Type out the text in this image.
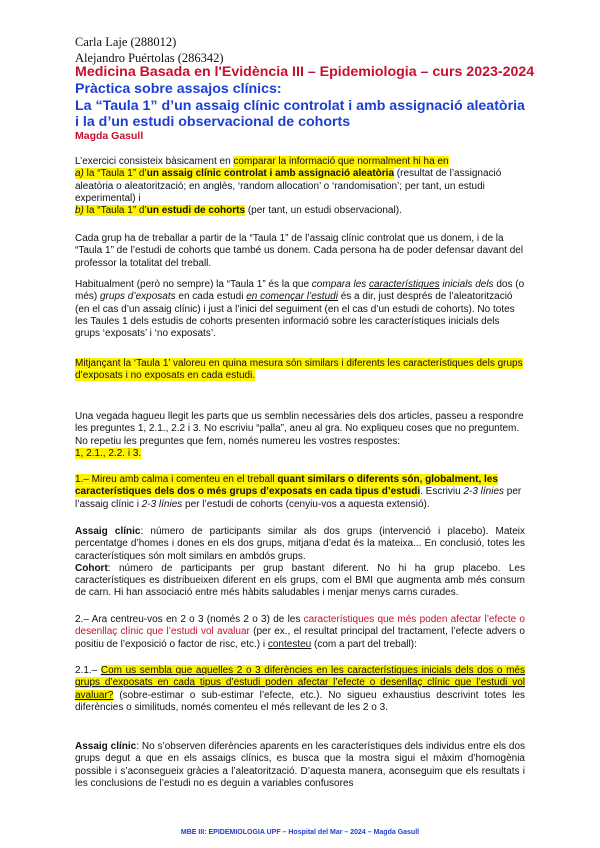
Carla Laje (288012)
Alejandro Puértolas (286342)
Medicina Basada en l'Evidència III – Epidemiologia – curs 2023-2024
Pràctica sobre assajos clínics:
La “Taula 1” d’un assaig clínic controlat i amb assignació aleatòria
i la d’un estudi observacional de cohorts
Magda Gasull
L’exercici consisteix bàsicament en comparar la informació que normalment hi ha en
a) la “Taula 1” d’un assaig clínic controlat i amb assignació aleatòria (resultat de l’assignació aleatòria o aleatorització; en anglès, ‘random allocation’ o ‘randomisation’; per tant, un estudi experimental) i
b) la “Taula 1” d’un estudi de cohorts (per tant, un estudi observacional).
Cada grup ha de treballar a partir de la “Taula 1” de l’assaig clínic controlat que us donem, i de la “Taula 1” de l’estudi de cohorts que també us donem. Cada persona ha de poder defensar davant del professor la totalitat del treball.
Habitualment (però no sempre) la “Taula 1” és la que compara les característiques inicials dels dos (o més) grups d’exposats en cada estudi en començar l’estudi és a dir, just després de l’aleatorització (en el cas d’un assaig clínic) i just a l’inici del seguiment (en el cas d’un estudi de cohorts). No totes les Taules 1 dels estudis de cohorts presenten informació sobre les característiques inicials dels grups ‘exposats’ i ‘no exposats’.
Mitjançant la ‘Taula 1’ valoreu en quina mesura són similars i diferents les característiques dels grups d’exposats i no exposats en cada estudi.
Una vegada hagueu llegit les parts que us semblin necessàries dels dos articles, passeu a respondre les preguntes 1, 2.1., 2.2 i 3. No escriviu “palla”, aneu al gra. No expliqueu coses que no preguntem. No repetiu les preguntes que fem, només numereu les vostres respostes:
1, 2.1., 2.2. i 3.
1.– Mireu amb calma i comenteu en el treball quant similars o diferents són, globalment, les característiques dels dos o més grups d’exposats en cada tipus d’estudi. Escriviu 2-3 línies per l’assaig clínic i 2-3 línies per l’estudi de cohorts (cenyiu-vos a aquesta extensió).
Assaig clínic: número de participants similar als dos grups (intervenció i placebo). Mateix percentatge d’homes i dones en els dos grups, mitjana d’edat és la mateixa... En conclusió, totes les característiques són molt similars en ambdós grups.
Cohort: número de participants per grup bastant diferent. No hi ha grup placebo. Les característiques es distribueixen diferent en els grups, com el BMI que augmenta amb més consum de carn. Hi han associació entre més hàbits saludables i menjar menys carns curades.
2.– Ara centreu-vos en 2 o 3 (només 2 o 3) de les característiques que més poden afectar l’efecte o desenllaç clínic que l’estudi vol avaluar (per ex., el resultat principal del tractament, l’efecte advers o positiu de l’exposició o factor de risc, etc.) i contesteu (com a part del treball):
2.1.– Com us sembla que aquelles 2 o 3 diferències en les característiques inicials dels dos o més grups d’exposats en cada tipus d’estudi poden afectar l’efecte o desenllaç clínic que l’estudi vol avaluar? (sobre-estimar o sub-estimar l’efecte, etc.). No sigueu exhaustius descrivint totes les diferències o similituds, només comenteu el més rellevant de les 2 o 3.
Assaig clínic: No s’observen diferències aparents en les característiques dels individus entre els dos grups degut a que en els assaigs clínics, es busca que la mostra sigui el màxim d’homogènia possible i s’aconsegueix gràcies a l’aleatorització. D’aquesta manera, aconseguim que els resultats i les conclusions de l’estudi no es deguin a variables confusores
MBE III: EPIDEMIOLOGIA UPF – Hospital del Mar – 2024 – Magda Gasull
